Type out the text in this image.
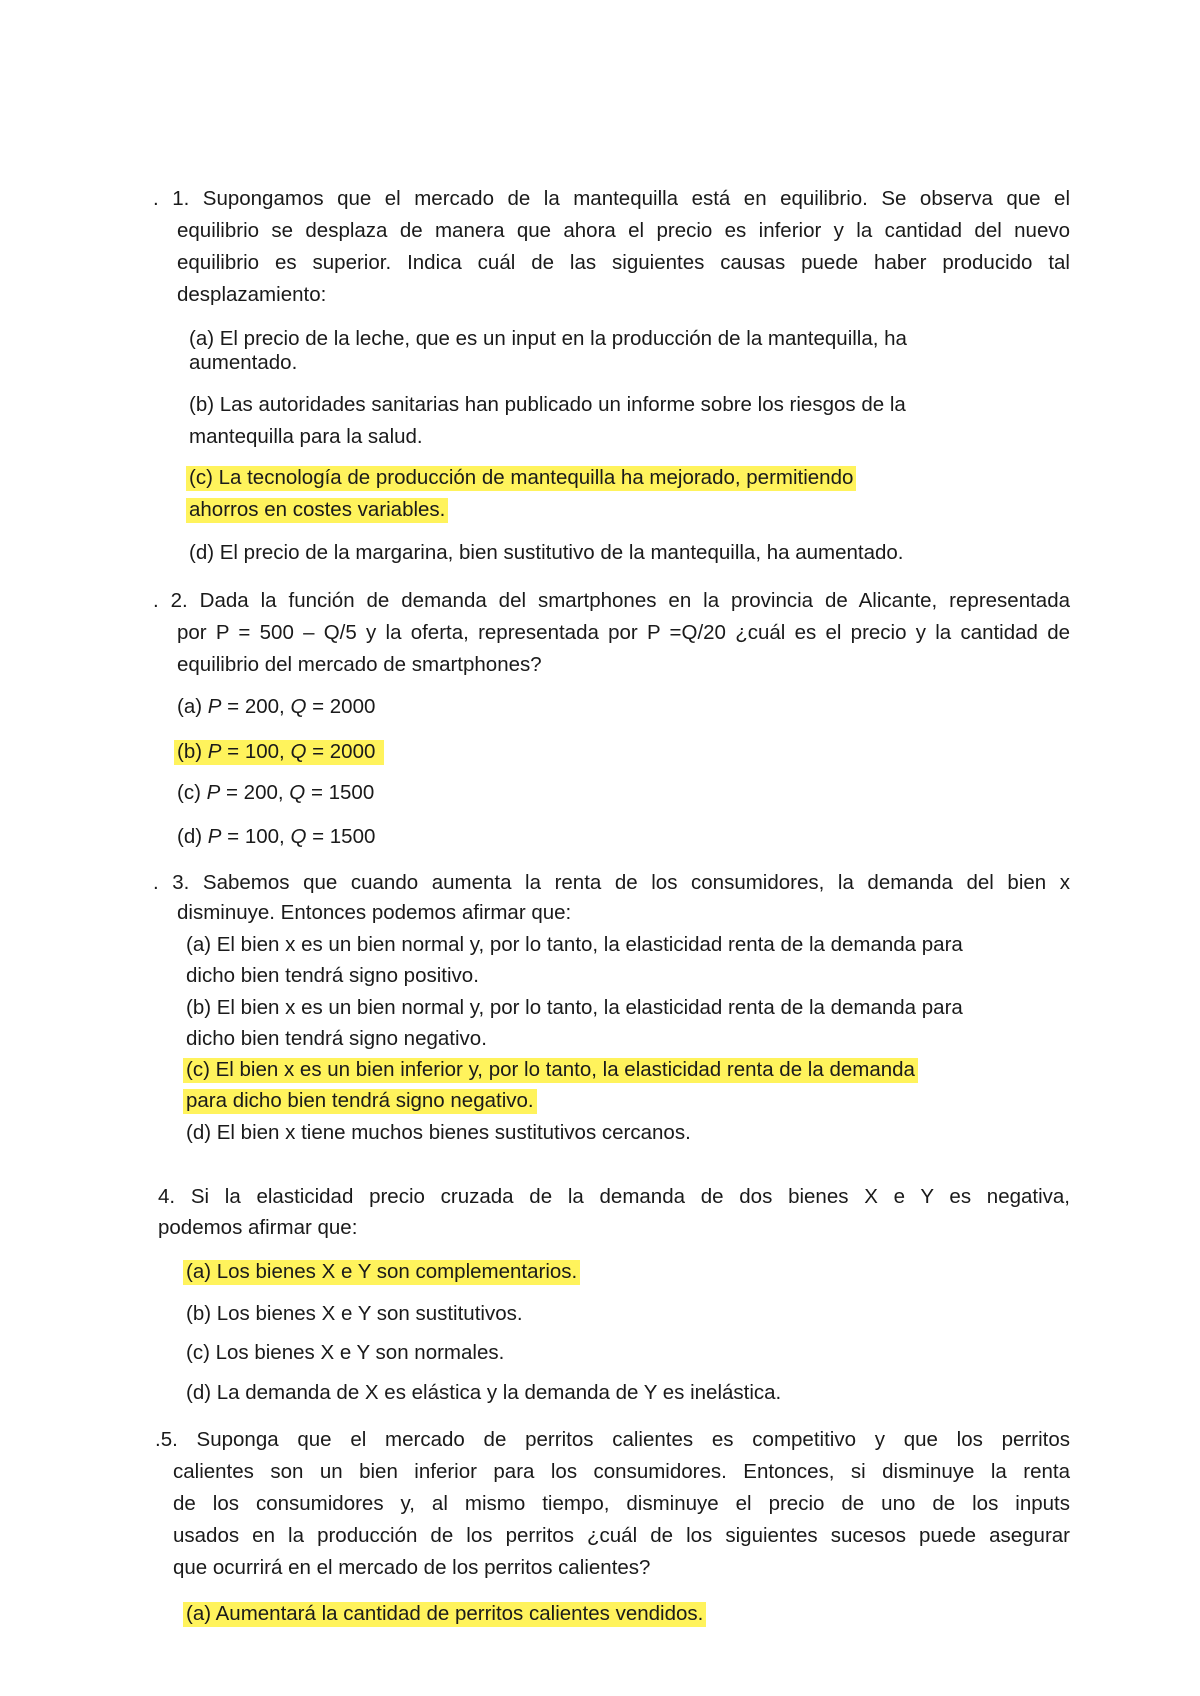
. 1. Supongamos que el mercado de la mantequilla está en equilibrio. Se observa que el

equilibrio se desplaza de manera que ahora el precio es inferior y la cantidad del nuevo

equilibrio es superior. Indica cuál de las siguientes causas puede haber producido tal

desplazamiento:

(a) El precio de la leche, que es un input en la producción de la mantequilla, ha

aumentado.

(b) Las autoridades sanitarias han publicado un informe sobre los riesgos de la

mantequilla para la salud.

(c) La tecnología de producción de mantequilla ha mejorado, permitiendo

ahorros en costes variables.

(d) El precio de la margarina, bien sustitutivo de la mantequilla, ha aumentado.

. 2. Dada la función de demanda del smartphones en la provincia de Alicante, representada

por P = 500 – Q/5 y la oferta, representada por P =Q/20 ¿cuál es el precio y la cantidad de

equilibrio del mercado de smartphones?

(a) P = 200, Q = 2000

(b) P = 100, Q = 2000

(c) P = 200, Q = 1500

(d) P = 100, Q = 1500

. 3. Sabemos que cuando aumenta la renta de los consumidores, la demanda del bien x

disminuye. Entonces podemos afirmar que:

(a) El bien x es un bien normal y, por lo tanto, la elasticidad renta de la demanda para

dicho bien tendrá signo positivo.

(b) El bien x es un bien normal y, por lo tanto, la elasticidad renta de la demanda para

dicho bien tendrá signo negativo.

(c) El bien x es un bien inferior y, por lo tanto, la elasticidad renta de la demanda

para dicho bien tendrá signo negativo.

(d) El bien x tiene muchos bienes sustitutivos cercanos.

4. Si la elasticidad precio cruzada de la demanda de dos bienes X e Y es negativa,

podemos afirmar que:

(a) Los bienes X e Y son complementarios.

(b) Los bienes X e Y son sustitutivos.

(c) Los bienes X e Y son normales.

(d) La demanda de X es elástica y la demanda de Y es inelástica.

.5. Suponga que el mercado de perritos calientes es competitivo y que los perritos

calientes son un bien inferior para los consumidores. Entonces, si disminuye la renta

de los consumidores y, al mismo tiempo, disminuye el precio de uno de los inputs

usados en la producción de los perritos ¿cuál de los siguientes sucesos puede asegurar

que ocurrirá en el mercado de los perritos calientes?

(a) Aumentará la cantidad de perritos calientes vendidos.
